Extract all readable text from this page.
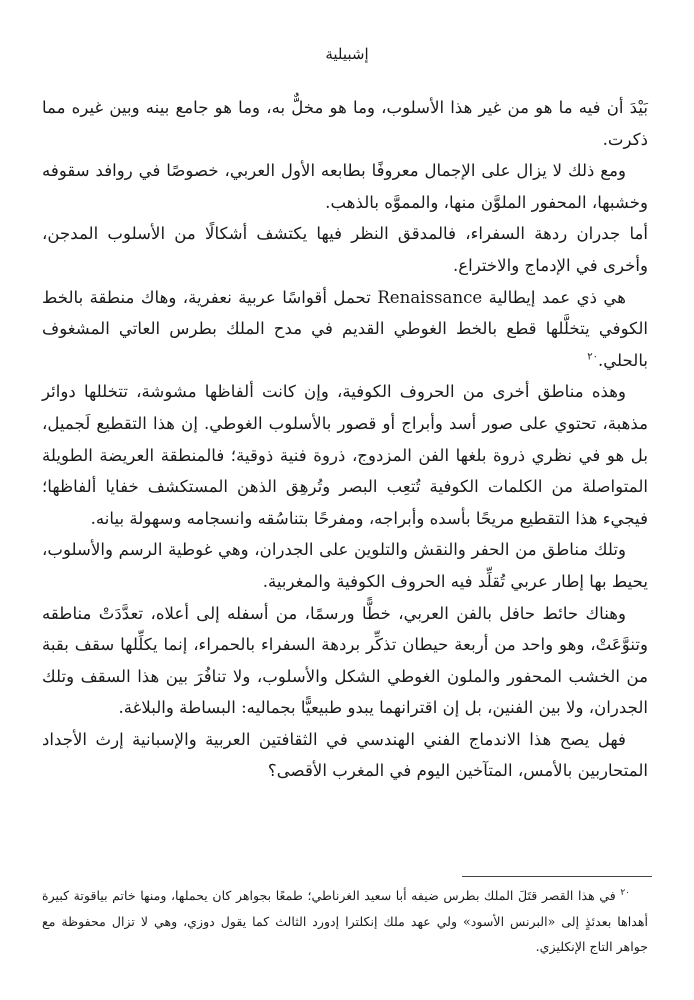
إشبيلية

بَيْدَ أن فيه ما هو من غير هذا الأسلوب، وما هو مخلٌّ به، وما هو جامع بينه وبين غيره مما ذكرت.

ومع ذلك لا يزال على الإجمال معروفًا بطابعه الأول العربي، خصوصًا في روافد سقوفه وخشبها، المحفور الملوَّن منها، والمموَّه بالذهب.

أما جدران ردهة السفراء، فالمدقق النظر فيها يكتشف أشكالًا من الأسلوب المدجن، وأخرى في الإدماج والاختراع.

هي ذي عمد إيطالية Renaissance تحمل أقواسًا عربية نعفرية، وهاك منطقة بالخط الكوفي يتخلَّلها قطع بالخط الغوطي القديم في مدح الملك بطرس العاتي المشغوف بالحلي.$^{٢٠}$

وهذه مناطق أخرى من الحروف الكوفية، وإن كانت ألفاظها مشوشة، تتخللها دوائر مذهبة، تحتوي على صور أسد وأبراج أو قصور بالأسلوب الغوطي. إن هذا التقطيع لَجميل، بل هو في نظري ذروة بلغها الفن المزدوج، ذروة فنية ذوقية؛ فالمنطقة العريضة الطويلة المتواصلة من الكلمات الكوفية تُتعِب البصر وتُرهِق الذهن المستكشف خفايا ألفاظها؛ فيجيء هذا التقطيع مريحًا بأسده وأبراجه، ومفرحًا بتناسُقه وانسجامه وسهولة بيانه.

وتلك مناطق من الحفر والنقش والتلوين على الجدران، وهي غوطية الرسم والأسلوب، يحيط بها إطار عربي تُقلِّد فيه الحروف الكوفية والمغربية.

وهناك حائط حافل بالفن العربي، خطًّا ورسمًا، من أسفله إلى أعلاه، تعدَّدَتْ مناطقه وتنوَّعَتْ، وهو واحد من أربعة حيطان تذكِّر بردهة السفراء بالحمراء، إنما يكلِّلها سقف بقبة من الخشب المحفور والملون الغوطي الشكل والأسلوب، ولا تنافُرَ بين هذا السقف وتلك الجدران، ولا بين الفنين، بل إن اقترانهما يبدو طبيعيًّا بجماليه: البساطة والبلاغة.

فهل يصح هذا الاندماج الفني الهندسي في الثقافتين العربية والإسبانية إرث الأجداد المتحاربين بالأمس، المتآخين اليوم في المغرب الأقصى؟

$^{٢٠}$ في هذا القصر قتَلَ الملك بطرس ضيفه أبا سعيد الغرناطي؛ طمعًا بجواهر كان يحملها، ومنها خاتم بياقوتة كبيرة أهداها بعدئذٍ إلى «البرنس الأسود» ولي عهد ملك إنكلترا إدورد الثالث كما يقول دوزي، وهي لا تزال محفوظة مع جواهر التاج الإنكليزي.
